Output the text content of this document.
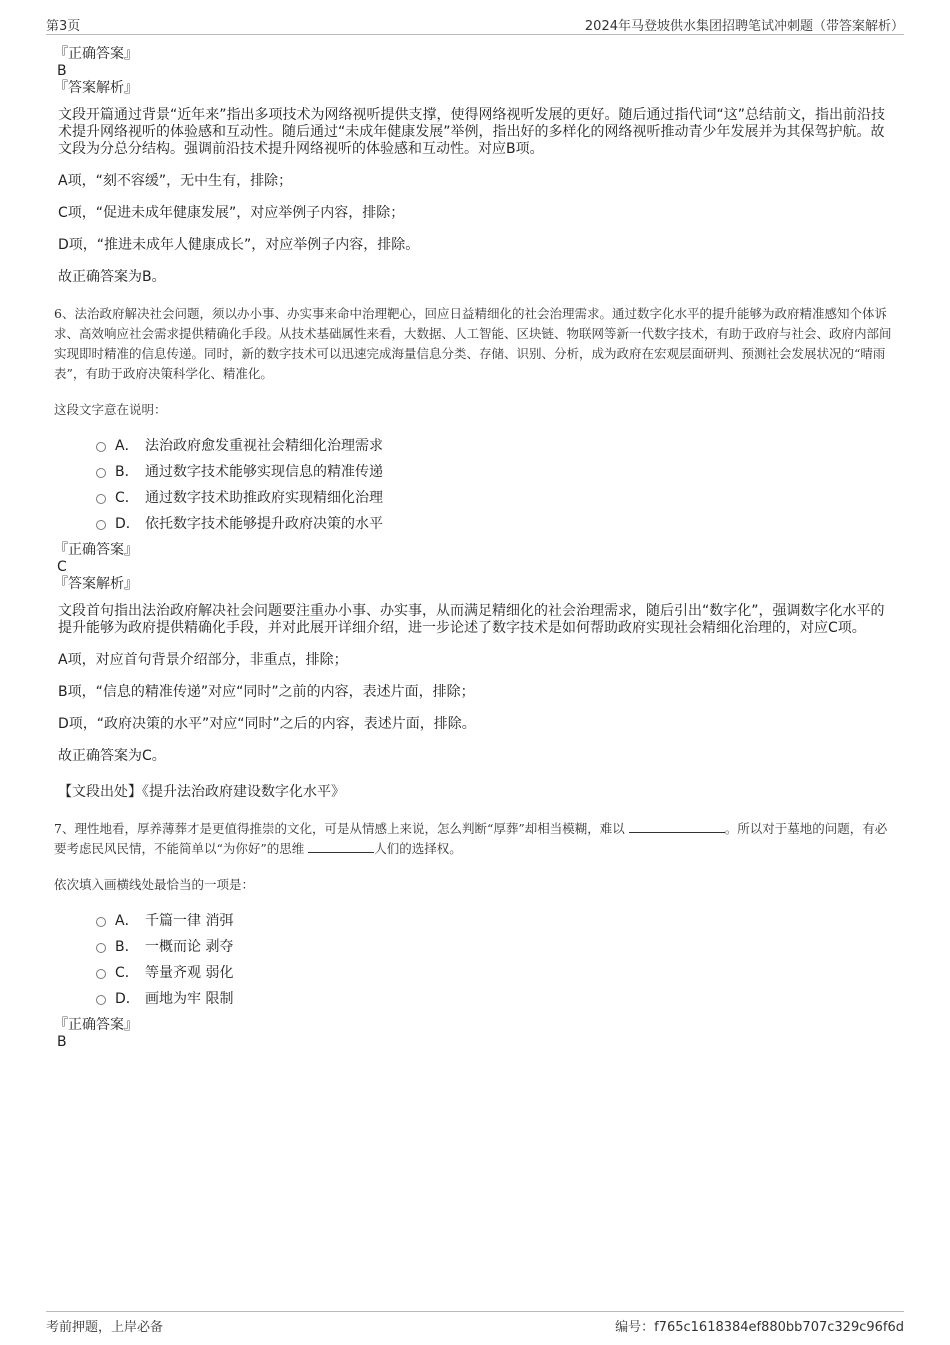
第3页	2024年马登坡供水集团招聘笔试冲刺题（带答案解析）
『正确答案』
B
『答案解析』
文段开篇通过背景“近年来”指出多项技术为网络视听提供支撑，使得网络视听发展的更好。随后通过指代词“这”总结前文，指出前沿技术提升网络视听的体验感和互动性。随后通过“未成年健康发展”举例，指出好的多样化的网络视听推动青少年发展并为其保驾护航。故文段为分总分结构。强调前沿技术提升网络视听的体验感和互动性。对应B项。
A项，“刻不容缓”，无中生有，排除；
C项，“促进未成年健康发展”，对应举例子内容，排除；
D项，“推进未成年人健康成长”，对应举例子内容，排除。
故正确答案为B。
6、法治政府解决社会问题，须以办小事、办实事来命中治理靶心，回应日益精细化的社会治理需求。通过数字化水平的提升能够为政府精准感知个体诉求、高效响应社会需求提供精确化手段。从技术基础属性来看，大数据、人工智能、区块链、物联网等新一代数字技术，有助于政府与社会、政府内部间实现即时精准的信息传递。同时，新的数字技术可以迅速完成海量信息分类、存储、识别、分析，成为政府在宏观层面研判、预测社会发展状况的“晴雨表”，有助于政府决策科学化、精准化。
这段文字意在说明：
A． 法治政府愈发重视社会精细化治理需求
B． 通过数字技术能够实现信息的精准传递
C． 通过数字技术助推政府实现精细化治理
D． 依托数字技术能够提升政府决策的水平
『正确答案』
C
『答案解析』
文段首句指出法治政府解决社会问题要注重办小事、办实事，从而满足精细化的社会治理需求，随后引出“数字化”，强调数字化水平的提升能够为政府提供精确化手段，并对此展开详细介绍，进一步论述了数字技术是如何帮助政府实现社会精细化治理的，对应C项。
A项，对应首句背景介绍部分，非重点，排除；
B项，“信息的精准传递”对应“同时”之前的内容，表述片面，排除；
D项，“政府决策的水平”对应“同时”之后的内容，表述片面，排除。
故正确答案为C。
【文段出处】《提升法治政府建设数字化水平》
7、理性地看，厚养薄葬才是更值得推崇的文化，可是从情感上来说，怎么判断“厚葬”却相当模糊，难以	。所以对于墓地的问题，有必要考虑民风民情，不能简单以“为你好”的思维	人们的选择权。
依次填入画横线处最恰当的一项是：
A． 千篇一律 消弭
B． 一概而论 剥夺
C． 等量齐观 弱化
D． 画地为牢 限制
『正确答案』
B
考前押题，上岸必备	编号：f765c1618384ef880bb707c329c96f6d
